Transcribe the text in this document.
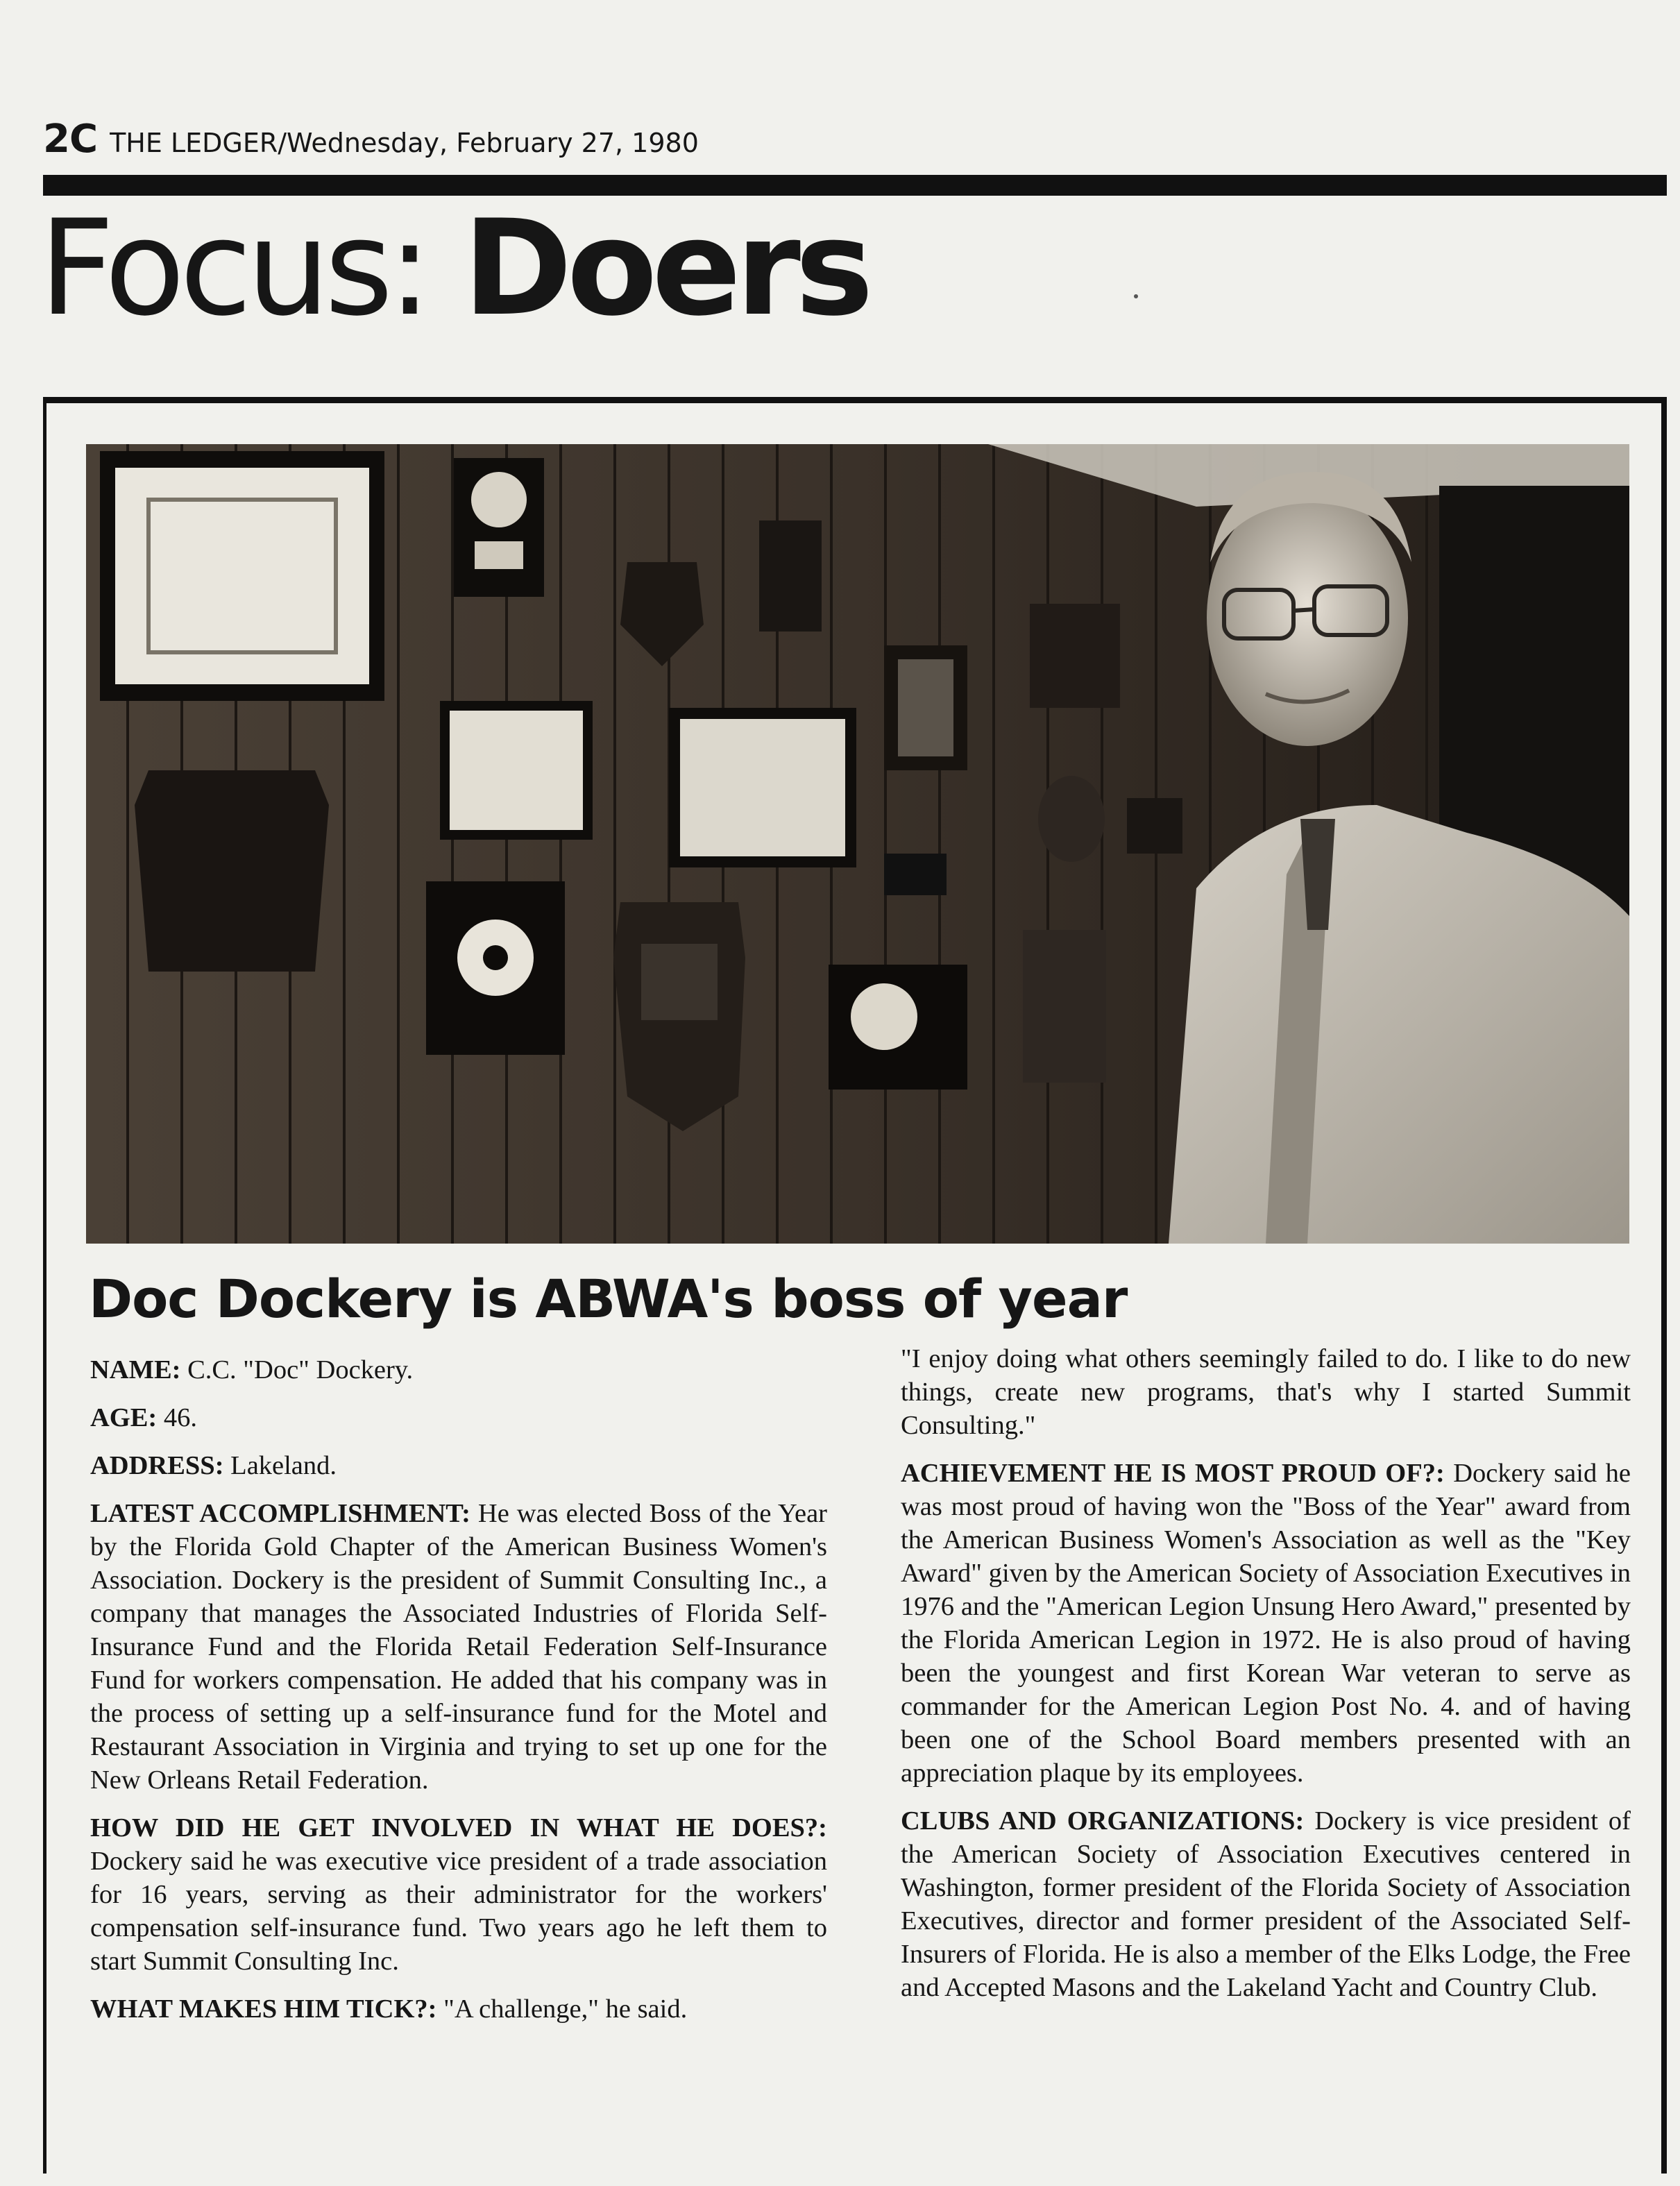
2C THE LEDGER/Wednesday, February 27, 1980
Focus: Doers
Doc Dockery is ABWA's boss of year

NAME: C.C. "Doc" Dockery.

AGE: 46.

ADDRESS: Lakeland.

LATEST ACCOMPLISHMENT: He was elected Boss of the Year by the Florida Gold Chapter of the American Business Women's Association. Dockery is the president of Summit Consulting Inc., a company that manages the Associated Industries of Florida Self-Insurance Fund and the Florida Retail Federation Self-Insurance Fund for workers compensation. He added that his company was in the process of setting up a self-insurance fund for the Motel and Restaurant Association in Virginia and trying to set up one for the New Orleans Retail Federation.

HOW DID HE GET INVOLVED IN WHAT HE DOES?: Dockery said he was executive vice president of a trade association for 16 years, serving as their administrator for the workers' compensation self-insurance fund. Two years ago he left them to start Summit Consulting Inc.

WHAT MAKES HIM TICK?: "A challenge," he said.

"I enjoy doing what others seemingly failed to do. I like to do new things, create new programs, that's why I started Summit Consulting."

ACHIEVEMENT HE IS MOST PROUD OF?: Dockery said he was most proud of having won the "Boss of the Year" award from the American Business Women's Association as well as the "Key Award" given by the American Society of Association Executives in 1976 and the "American Legion Unsung Hero Award," presented by the Florida American Legion in 1972. He is also proud of having been the youngest and first Korean War veteran to serve as commander for the American Legion Post No. 4. and of having been one of the School Board members presented with an appreciation plaque by its employees.

CLUBS AND ORGANIZATIONS: Dockery is vice president of the American Society of Association Executives centered in Washington, former president of the Florida Society of Association Executives, director and former president of the Associated Self-Insurers of Florida. He is also a member of the Elks Lodge, the Free and Accepted Masons and the Lakeland Yacht and Country Club.
